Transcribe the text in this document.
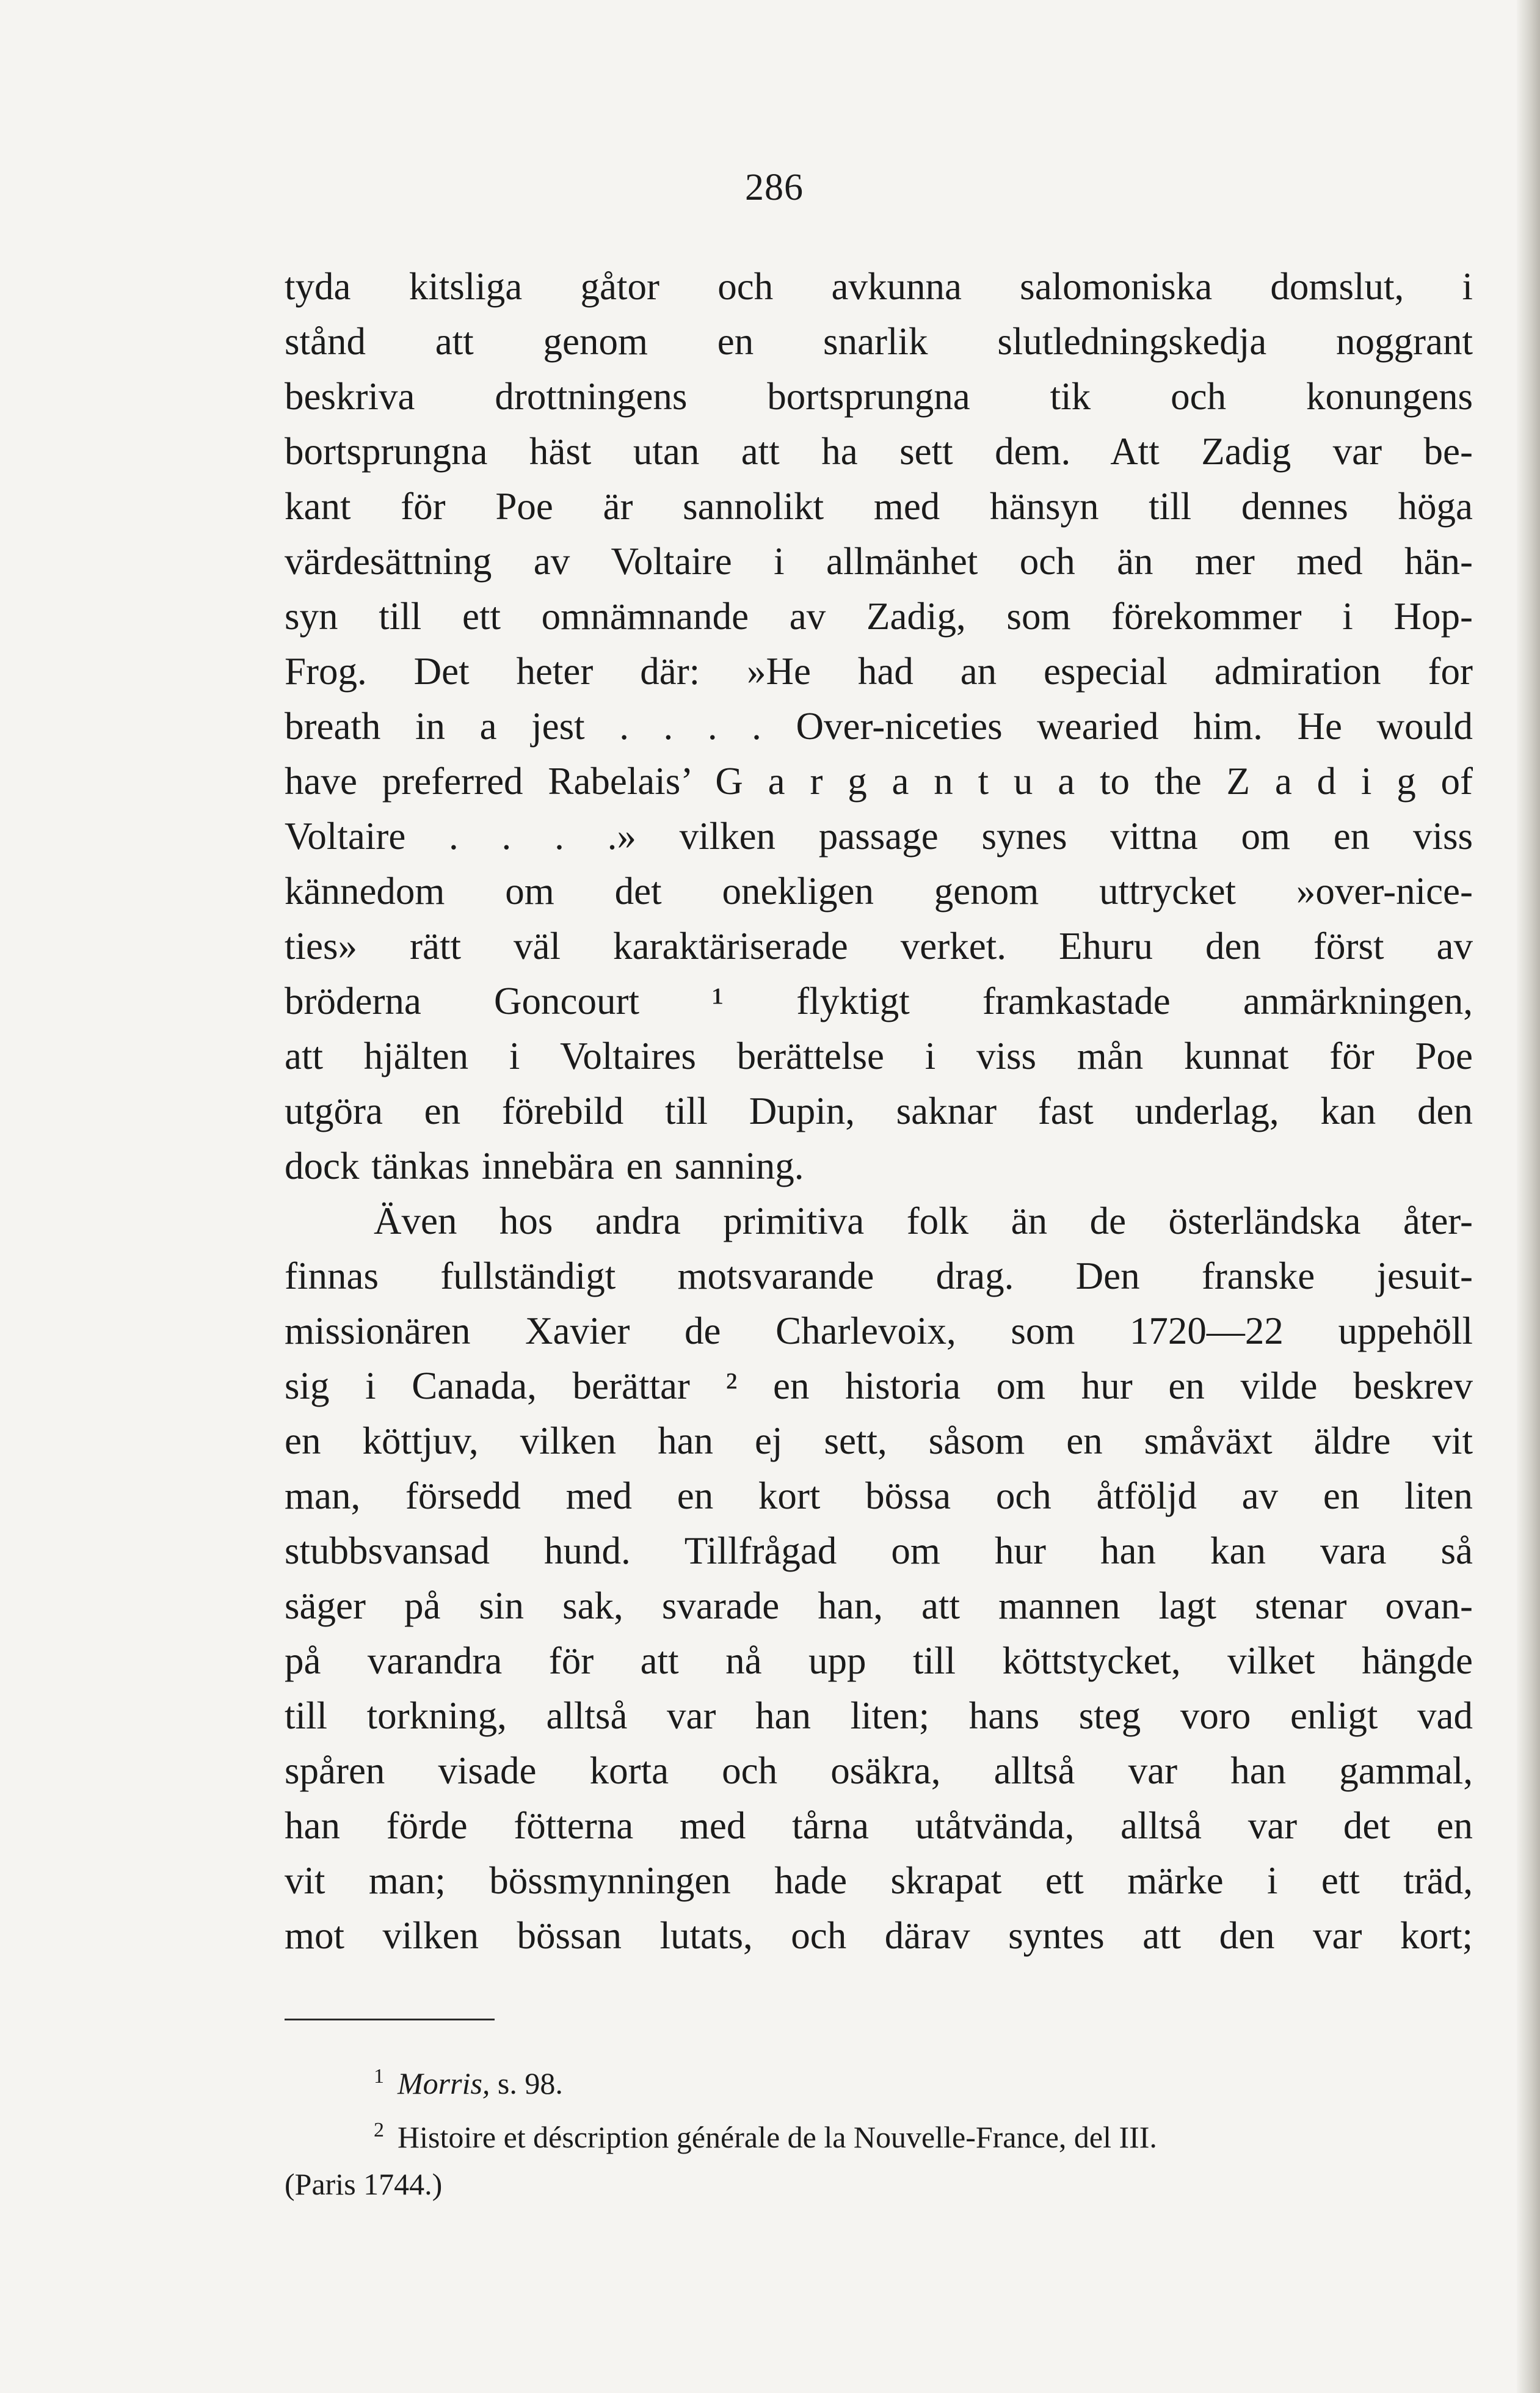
286
tyda kitsliga gåtor och avkunna salomoniska domslut, i
stånd att genom en snarlik slutledningskedja noggrant
beskriva drottningens bortsprungna tik och konungens
bortsprungna häst utan att ha sett dem. Att Zadig var be-
kant för Poe är sannolikt med hänsyn till dennes höga
värdesättning av Voltaire i allmänhet och än mer med hän-
syn till ett omnämnande av Zadig, som förekommer i Hop-
Frog. Det heter där: »He had an especial admiration for
breath in a jest . . . . Over-niceties wearied him. He would
have preferred Rabelais’ G a r g a n t u a to the Z a d i g of
Voltaire . . . .» vilken passage synes vittna om en viss
kännedom om det onekligen genom uttrycket »over-nice-
ties» rätt väl karaktäriserade verket. Ehuru den först av
bröderna Goncourt ¹ flyktigt framkastade anmärkningen,
att hjälten i Voltaires berättelse i viss mån kunnat för Poe
utgöra en förebild till Dupin, saknar fast underlag, kan den
dock tänkas innebära en sanning.
Även hos andra primitiva folk än de österländska åter-
finnas fullständigt motsvarande drag. Den franske jesuit-
missionären Xavier de Charlevoix, som 1720—22 uppehöll
sig i Canada, berättar ² en historia om hur en vilde beskrev
en köttjuv, vilken han ej sett, såsom en småväxt äldre vit
man, försedd med en kort bössa och åtföljd av en liten
stubbsvansad hund. Tillfrågad om hur han kan vara så
säger på sin sak, svarade han, att mannen lagt stenar ovan-
på varandra för att nå upp till köttstycket, vilket hängde
till torkning, alltså var han liten; hans steg voro enligt vad
spåren visade korta och osäkra, alltså var han gammal,
han förde fötterna med tårna utåtvända, alltså var det en
vit man; bössmynningen hade skrapat ett märke i ett träd,
mot vilken bössan lutats, och därav syntes att den var kort;
$^1$ Morris, s. 98.
$^2$ Histoire et déscription générale de la Nouvelle-France, del III.
(Paris 1744.)
